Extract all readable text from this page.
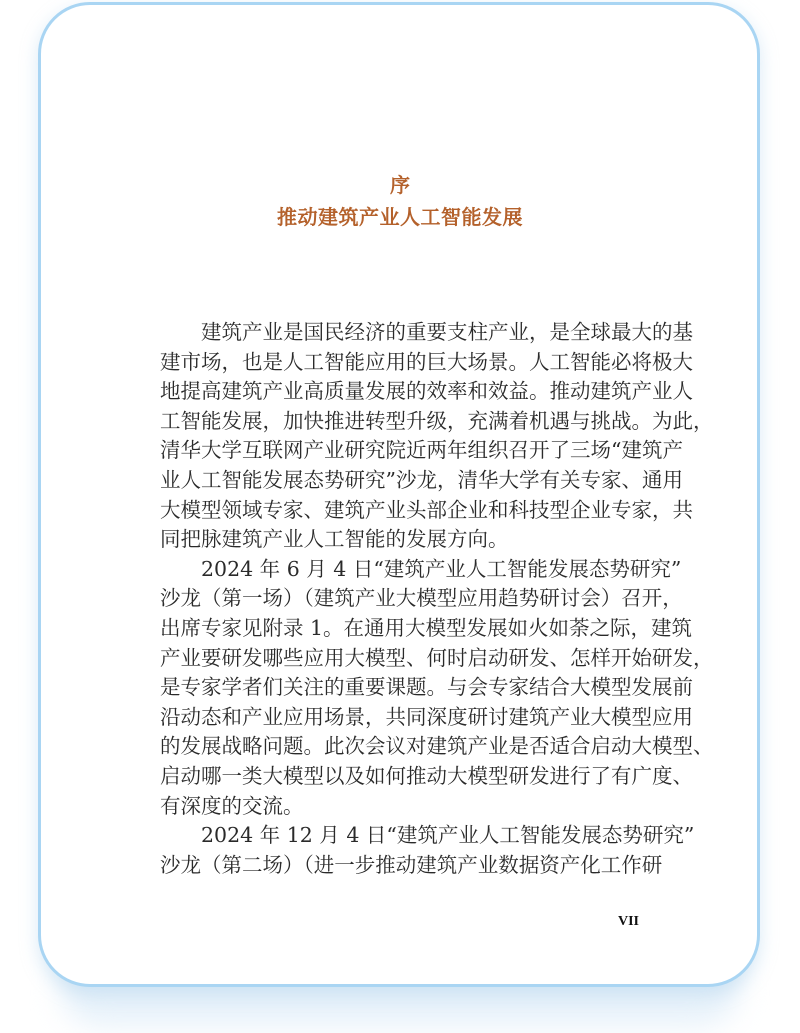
序
推动建筑产业人工智能发展
建筑产业是国民经济的重要支柱产业，是全球最大的基
建市场，也是人工智能应用的巨大场景。人工智能必将极大
地提高建筑产业高质量发展的效率和效益。推动建筑产业人
工智能发展，加快推进转型升级，充满着机遇与挑战。为此，
清华大学互联网产业研究院近两年组织召开了三场“建筑产
业人工智能发展态势研究”沙龙，清华大学有关专家、通用
大模型领域专家、建筑产业头部企业和科技型企业专家，共
同把脉建筑产业人工智能的发展方向。
2024 年 6 月 4 日“建筑产业人工智能发展态势研究”
沙龙（第一场）（建筑产业大模型应用趋势研讨会）召开，
出席专家见附录 1。在通用大模型发展如火如荼之际，建筑
产业要研发哪些应用大模型、何时启动研发、怎样开始研发，
是专家学者们关注的重要课题。与会专家结合大模型发展前
沿动态和产业应用场景，共同深度研讨建筑产业大模型应用
的发展战略问题。此次会议对建筑产业是否适合启动大模型、
启动哪一类大模型以及如何推动大模型研发进行了有广度、
有深度的交流。
2024 年 12 月 4 日“建筑产业人工智能发展态势研究”
沙龙（第二场）（进一步推动建筑产业数据资产化工作研
VII
